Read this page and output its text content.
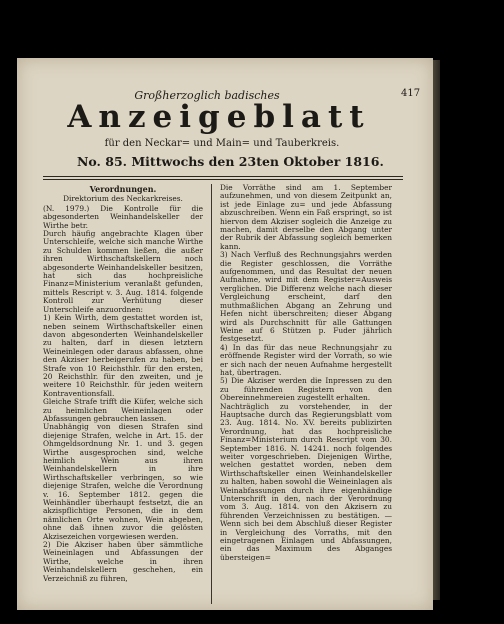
417
Großherzoglich badisches
Anzeigeblatt
für den Neckar= und Main= und Tauberkreis.
No. 85. Mittwochs den 23ten Oktober 1816.

Verordnungen.

Direktorium des Neckarkreises.

(N. 1979.) Die Kontrolle für die abgesonderten Weinhandelskeller der Wirthe betr.

Durch häufig angebrachte Klagen über Unterschleife, welche sich manche Wirthe zu Schulden kommen ließen, die außer ihren Wirthschaftskellern noch abgesonderte Weinhandelskeller besitzen, hat sich das hochpreisliche Finanz=Ministerium veranlaßt gefunden, mittels Rescript v. 3. Aug. 1814. folgende Kontroll zur Verhütung dieser Unterschleife anzuordnen:

1) Kein Wirth, dem gestattet worden ist, neben seinem Wirthschaftskeller einen davon abgesonderten Weinhandelskeller zu halten, darf in diesen letztern Weineinlegen oder daraus abfassen, ohne den Akziser herbeigerufen zu haben, bei Strafe von 10 Reichsthlr. für den ersten, 20 Reichsthlr. für den zweiten, und je weitere 10 Reichsthlr. für jeden weitern Kontraventionsfall.

Gleiche Strafe trifft die Küfer, welche sich zu heimlichen Weineinlagen oder Abfassungen gebrauchen lassen.

Unabhängig von diesen Strafen sind diejenige Strafen, welche in Art. 15. der Ohmgeldsordnung Nr. 1. und 3. gegen Wirthe ausgesprochen sind, welche heimlich Wein aus ihren Weinhandelskellern in ihre Wirthschaftskeller verbringen, so wie diejenige Strafen, welche die Verordnung v. 16. September 1812. gegen die Weinhändler überhaupt festsetzt, die an akzispflichtige Personen, die in dem nämlichen Orte wohnen, Wein abgeben, ohne daß ihnen zuvor die gelösten Akzisezeichen vorgewiesen werden.

2) Die Akziser haben über sämmtliche Weineinlagen und Abfassungen der Wirthe, welche in ihren Weinhandelskellern geschehen, ein Verzeichniß zu führen,

Die Vorräthe sind am 1. September aufzunehmen, und von diesem Zeitpunkt an, ist jede Einlage zu= und jede Abfassung abzuschreiben. Wenn ein Faß erspringt, so ist hiervon dem Akziser sogleich die Anzeige zu machen, damit derselbe den Abgang unter der Rubrik der Abfassung sogleich bemerken kann.

3) Nach Verfluß des Rechnungsjahrs werden die Register geschlossen, die Vorräthe aufgenommen, und das Resultat der neuen Aufnahme, wird mit dem Register=Ausweis verglichen. Die Differenz welche nach dieser Vergleichung erscheint, darf den muthmaßlichen Abgang an Zehrung und Hefen nicht überschreiten; dieser Abgang wird als Durchschnitt für alle Gattungen Weine auf 6 Stützen p. Fuder jährlich festgesetzt.

4) In das für das neue Rechnungsjahr zu eröffnende Register wird der Vorrath, so wie er sich nach der neuen Aufnahme hergestellt hat, übertragen.

5) Die Akziser werden die Inpressen zu den zu führenden Registern von den Obereinnehmereien zugestellt erhalten.

Nachträglich zu vorstehender, in der Hauptsache durch das Regierungsblatt vom 23. Aug. 1814. No. XV. bereits publizirten Verordnung, hat das hochpreisliche Finanz=Ministerium durch Rescript vom 30. September 1816. N. 14241. noch folgendes weiter vorgeschrieben. Diejenigen Wirthe, welchen gestattet worden, neben dem Wirthschaftskeller einen Weinhandelskeller zu halten, haben sowohl die Weineinlagen als Weinabfassungen durch ihre eigenhändige Unterschrift in den, nach der Verordnung vom 3. Aug. 1814. von den Akzisern zu führenden Verzeichnissen zu bestätigen. — Wenn sich bei dem Abschluß dieser Register in Vergleichung des Vorraths, mit den eingetragenen Einlagen und Abfassungen, ein das Maximum des Abganges übersteigen=
